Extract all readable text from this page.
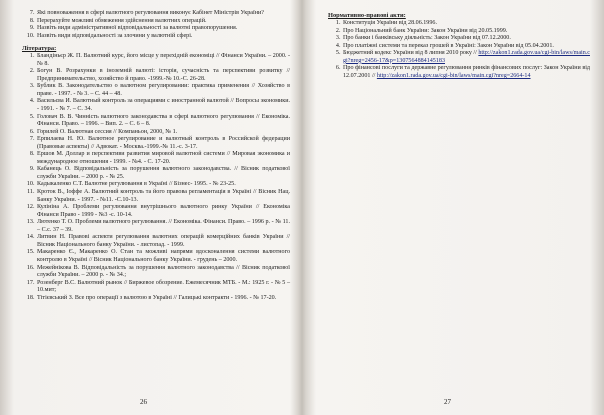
7. Які повноваження в сфері валютного регулювання виконує Кабінет Міністрів України?
8. Перерахуйте можливі обмеження здійснення валютних операцій.
9. Назвіть види адміністративної відповідальності за валютні правопорушення.
10. Назвіть види відповідальності за злочини у валютній сфері.
Література:
1. Бландіньєр Ж. П. Валютний курс, його місце у перехідній економіці // Фінанси України. – 2000. - № 8.
2. Богун В. Розрахунки в іноземній валюті: історія, сучасність та перспективи розвитку // Предпринимательство, хозяйство й право. -1999.-№ 10.-С. 26-28.
3. Бублик В. Законодательство о валютном регулировании: практика применения // Хозяйство в праве. - 1997. - № 3. – С. 44 – 48.
4. Васильєва И. Валютный контроль за операциями с иностранной валютой // Вопросы экономики. - 1991. - № 7. – С. 34.
5. Головач В. В. Чинність валютного законодавства в сфері валютного регулювання // Економіка. Фінанси. Право. – 1996. – Вип. 2. – С. 6 – 8.
6. Горилей О. Валютная сессия // Компаньон, 2000, № 1.
7. Ерпилаева Н. Ю. Валютное регулирование и валютный контроль в Российской федерации (Правовые аспекты) // Адвокат. - Москва.-1999.-№ 11.-с. 3-17.
8. Ершов М. Доллар и перспективи развития мировой валютной системи // Мировая экономика и международное отношения - 1999. - №4. - С. 17-20.
9. Кабанець О. Відповідальність за порушення валютного законодавства. // Вісник податкової служби України. – 2000 р. - № 25.
10. Кадыкаленко С.Т. Валютне регулювання в Україні // Бізнес- 1995. - № 23-25.
11. Кроток В., Іоффе А. Валютний контроль та його правова регламентація в Україні // Вісник Нац. Банку України. - 1997. - №11. -С.10-13.
12. Кулініна А. Проблеми регулювання внутрішнього валютного ринку України // Економіка Фінанси Право - 1999 - №3 -с. 10-14.
13. Лютенко Т. О. Проблеми валютного регулювання. // Економіка. Фінанси. Право. – 1996 р. - № 11. – С.с. 37 – 39.
14. Литвин Н. Правові аспекти регулювання валютних операцій комерційних банків України // Вісник Національного банку України. - листопад. - 1999.
15. Макаренко Є., Макаренко О. Стан та можливі напрями вдосконалення системи валютного контролю в Україні // Вісник Національного банку України. - грудень – 2000.
16. Межейнікова В. Відповідальність за порушення валютного законодавства // Вісник податкової служби України. – 2000 р. - № 34.;
17. Розенберг В.С. Валютний рынок // Биржевое обозрение. Ежемесячник МТБ. - М.: 1925 г. - № 5 – 10.мит;
18. Тітієвський З. Все про операції з валютою в Україні // Галицькі контракти - 1996. - № 17-20.
26
Нормативно-правові акти:
1. Конституція України від 28.06.1996.
2. Про Національний банк України: Закон України від 20.05.1999.
3. Про банки і банківську діяльність: Закон України від 07.12.2000.
4. Про платіжні системи та переказ грошей в Україні: Закон України від 05.04.2001.
5. Бюджетний кодекс України від 8 липня 2010 року // http://zakon1.rada.gov.ua/cgi-bin/laws/main.cgi?nreg=2456-17&p=1307564884145183
6. Про фінансові послуги та державне регулювання ринків фінансових послуг: Закон України від 12.07.2001 // http://zakon1.rada.gov.ua/cgi-bin/laws/main.cgi?nreg=2664-14
27
